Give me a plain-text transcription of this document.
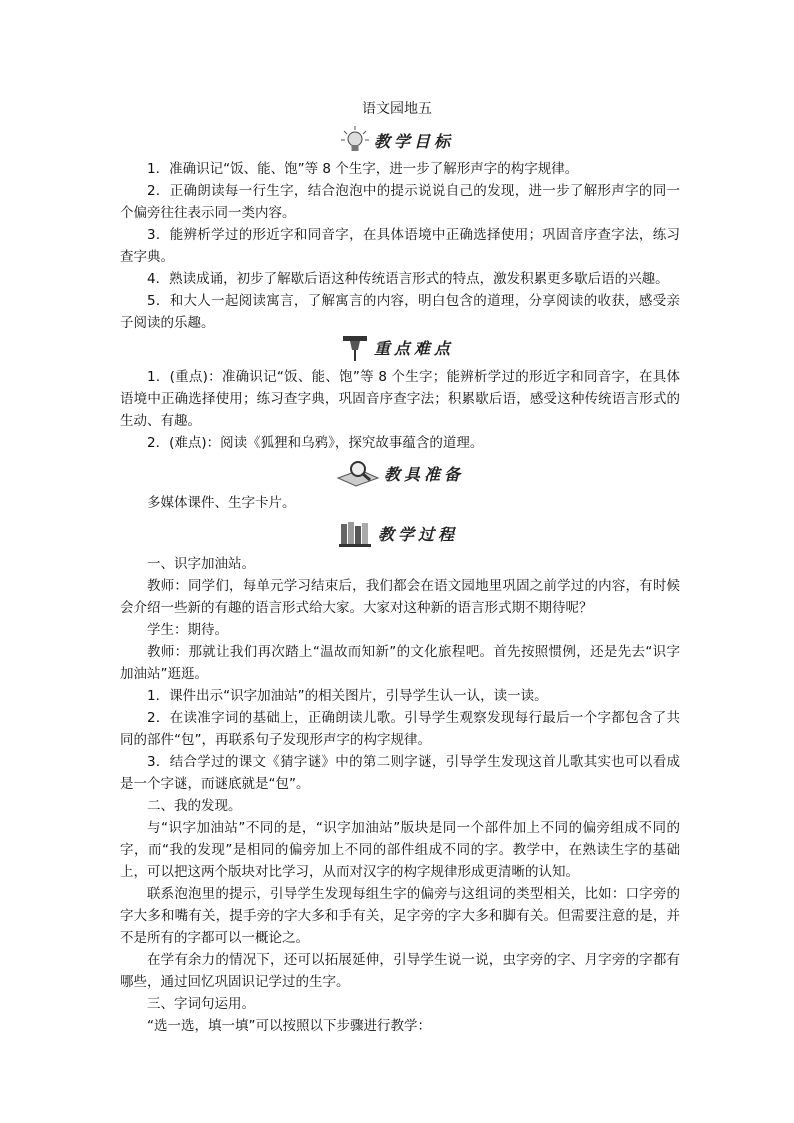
语文园地五
教学目标

1．准确识记“饭、能、饱”等 8 个生字，进一步了解形声字的构字规律。

2．正确朗读每一行生字，结合泡泡中的提示说说自己的发现，进一步了解形声字的同一个偏旁往往表示同一类内容。

3．能辨析学过的形近字和同音字，在具体语境中正确选择使用；巩固音序查字法，练习查字典。

4．熟读成诵，初步了解歇后语这种传统语言形式的特点，激发积累更多歇后语的兴趣。

5．和大人一起阅读寓言，了解寓言的内容，明白包含的道理，分享阅读的收获，感受亲子阅读的乐趣。

重点难点

1．(重点)：准确识记“饭、能、饱”等 8 个生字；能辨析学过的形近字和同音字，在具体语境中正确选择使用；练习查字典，巩固音序查字法；积累歇后语，感受这种传统语言形式的生动、有趣。

2．(难点)：阅读《狐狸和乌鸦》，探究故事蕴含的道理。

教具准备

多媒体课件、生字卡片。

教学过程

一、识字加油站。

教师：同学们，每单元学习结束后，我们都会在语文园地里巩固之前学过的内容，有时候会介绍一些新的有趣的语言形式给大家。大家对这种新的语言形式期不期待呢？

学生：期待。

教师：那就让我们再次踏上“温故而知新”的文化旅程吧。首先按照惯例，还是先去“识字加油站”逛逛。

1．课件出示“识字加油站”的相关图片，引导学生认一认，读一读。

2．在读准字词的基础上，正确朗读儿歌。引导学生观察发现每行最后一个字都包含了共同的部件“包”，再联系句子发现形声字的构字规律。

3．结合学过的课文《猜字谜》中的第二则字谜，引导学生发现这首儿歌其实也可以看成是一个字谜，而谜底就是“包”。

二、我的发现。

与“识字加油站”不同的是，“识字加油站”版块是同一个部件加上不同的偏旁组成不同的字，而“我的发现”是相同的偏旁加上不同的部件组成不同的字。教学中，在熟读生字的基础上，可以把这两个版块对比学习，从而对汉字的构字规律形成更清晰的认知。

联系泡泡里的提示，引导学生发现每组生字的偏旁与这组词的类型相关，比如：口字旁的字大多和嘴有关，提手旁的字大多和手有关，足字旁的字大多和脚有关。但需要注意的是，并不是所有的字都可以一概论之。

在学有余力的情况下，还可以拓展延伸，引导学生说一说，虫字旁的字、月字旁的字都有哪些，通过回忆巩固识记学过的生字。

三、字词句运用。

“选一选，填一填”可以按照以下步骤进行教学：
